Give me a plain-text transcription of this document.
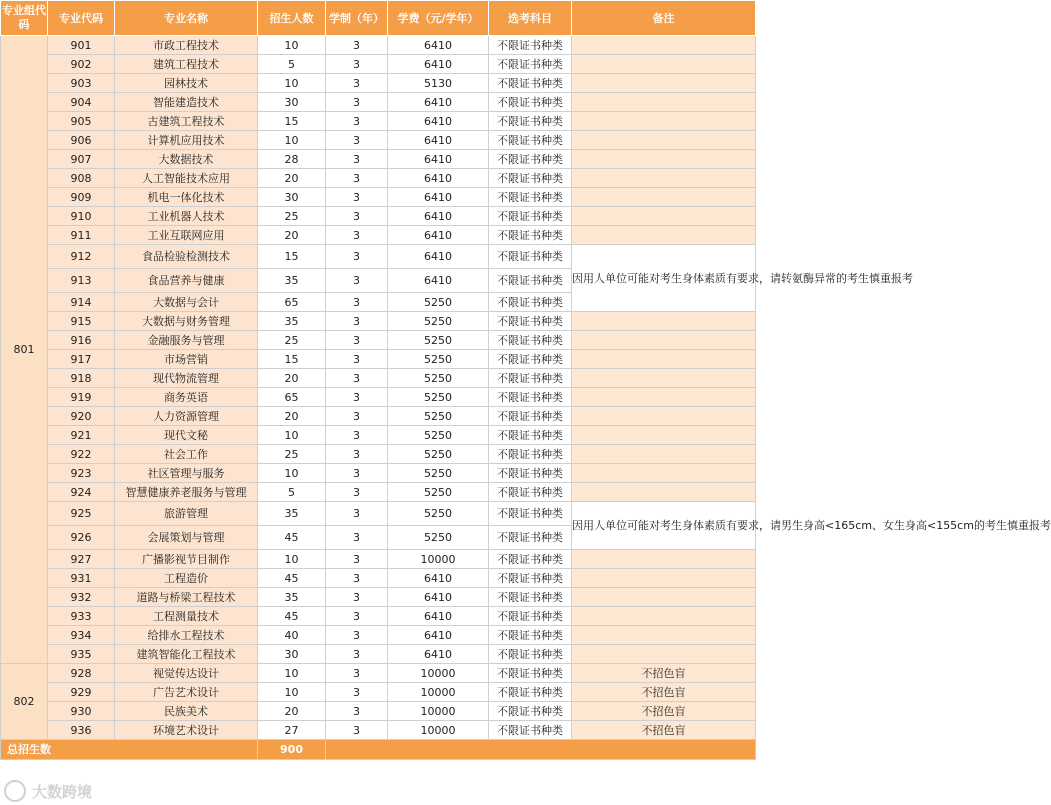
专业组代码	专业代码	专业名称	招生人数	学制（年）	学费（元/学年）	选考科目	备注
801	901	市政工程技术	10	3	6410	不限证书种类	
	902	建筑工程技术	5	3	6410	不限证书种类	
	903	园林技术	10	3	5130	不限证书种类	
	904	智能建造技术	30	3	6410	不限证书种类	
	905	古建筑工程技术	15	3	6410	不限证书种类	
	906	计算机应用技术	10	3	6410	不限证书种类	
	907	大数据技术	28	3	6410	不限证书种类	
	908	人工智能技术应用	20	3	6410	不限证书种类	
	909	机电一体化技术	30	3	6410	不限证书种类	
	910	工业机器人技术	25	3	6410	不限证书种类	
	911	工业互联网应用	20	3	6410	不限证书种类	
	912	食品检验检测技术	15	3	6410	不限证书种类	因用人单位可能对考生身体素质有要求，请转氨酶异常的考生慎重报考
	913	食品营养与健康	35	3	6410	不限证书种类	
	914	大数据与会计	65	3	5250	不限证书种类	
	915	大数据与财务管理	35	3	5250	不限证书种类	
	916	金融服务与管理	25	3	5250	不限证书种类	
	917	市场营销	15	3	5250	不限证书种类	
	918	现代物流管理	20	3	5250	不限证书种类	
	919	商务英语	65	3	5250	不限证书种类	
	920	人力资源管理	20	3	5250	不限证书种类	
	921	现代文秘	10	3	5250	不限证书种类	
	922	社会工作	25	3	5250	不限证书种类	
	923	社区管理与服务	10	3	5250	不限证书种类	
	924	智慧健康养老服务与管理	5	3	5250	不限证书种类	
	925	旅游管理	35	3	5250	不限证书种类	因用人单位可能对考生身体素质有要求，请男生身高<165cm、女生身高<155cm的考生慎重报考
	926	会展策划与管理	45	3	5250	不限证书种类	
	927	广播影视节目制作	10	3	10000	不限证书种类	
	931	工程造价	45	3	6410	不限证书种类	
	932	道路与桥梁工程技术	35	3	6410	不限证书种类	
	933	工程测量技术	45	3	6410	不限证书种类	
	934	给排水工程技术	40	3	6410	不限证书种类	
	935	建筑智能化工程技术	30	3	6410	不限证书种类	
802	928	视觉传达设计	10	3	10000	不限证书种类	不招色盲
	929	广告艺术设计	10	3	10000	不限证书种类	不招色盲
	930	民族美术	20	3	10000	不限证书种类	不招色盲
	936	环境艺术设计	27	3	10000	不限证书种类	不招色盲
总招生数			900				
大数跨境
